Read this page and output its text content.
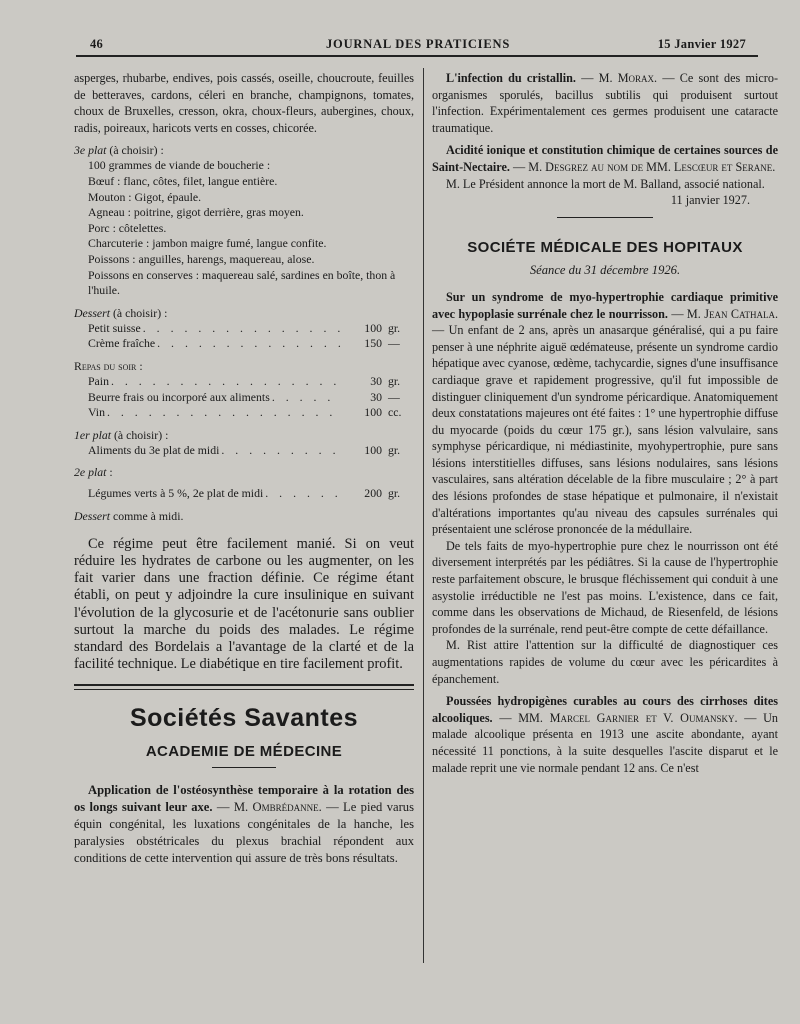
46	JOURNAL DES PRATICIENS	15 Janvier 1927

asperges, rhubarbe, endives, pois cassés, oseille, choucroute, feuilles de betteraves, cardons, céleri en branche, champignons, tomates, choux de Bruxelles, cresson, okra, choux-fleurs, aubergines, choux, radis, poireaux, haricots verts en cosses, chicorée.

3e plat (à choisir) :
100 grammes de viande de boucherie :
Bœuf : flanc, côtes, filet, langue entière.
Mouton : Gigot, épaule.
Agneau : poitrine, gigot derrière, gras moyen.
Porc : côtelettes.
Charcuterie : jambon maigre fumé, langue confite.
Poissons : anguilles, harengs, maquereau, alose.
Poissons en conserves : maquereau salé, sardines en boîte, thon à l'huile.
Dessert (à choisir) :
Petit suisse . . .	100 gr.
Crème fraîche . . .	150 —
Repas du soir :
Pain . . .	30 gr.
Beurre frais ou incorporé aux aliments . . .	30 —
Vin . . .	100 cc.
1er plat (à choisir) :
Aliments du 3e plat de midi . . .	100 gr.
2e plat :
Légumes verts à 5 %, 2e plat de midi . . .	200 gr.
Dessert comme à midi.

Ce régime peut être facilement manié. Si on veut réduire les hydrates de carbone ou les augmenter, on les fait varier dans une fraction définie. Ce régime étant établi, on peut y adjoindre la cure insulinique en suivant l'évolution de la glycosurie et de l'acétonurie sans oublier surtout la marche du poids des malades. Le régime standard des Bordelais a l'avantage de la clarté et de la facilité technique. Le diabétique en tire facilement profit.

Sociétés Savantes
ACADEMIE DE MÉDECINE

Application de l'ostéosynthèse temporaire à la rotation des os longs suivant leur axe. — M. Ombrédanne. — Le pied varus équin congénital, les luxations congénitales de la hanche, les paralysies obstétricales du plexus brachial répondent aux conditions de cette intervention qui assure de très bons résultats.

L'infection du cristallin. — M. Morax. — Ce sont des micro-organismes sporulés, bacillus subtilis qui produisent surtout l'infection. Expérimentalement ces germes produisent une cataracte traumatique.

Acidité ionique et constitution chimique de certaines sources de Saint-Nectaire. — M. Desgrez au nom de MM. Lescœur et Serane.

M. Le Président annonce la mort de M. Balland, associé national.

11 janvier 1927.
SOCIÉTE MÉDICALE DES HOPITAUX
Séance du 31 décembre 1926.

Sur un syndrome de myo-hypertrophie cardiaque primitive avec hypoplasie surrénale chez le nourrisson. — M. Jean Cathala. — Un enfant de 2 ans, après un anasarque généralisé, qui a pu faire penser à une néphrite aiguë œdémateuse, présente un syndrome cardio hépatique avec cyanose, œdème, tachycardie, signes d'une insuffisance cardiaque grave et rapidement progressive, qu'il fut impossible de distinguer cliniquement d'un syndrome péricardique. Anatomiquement deux constatations majeures ont été faites : 1° une hypertrophie diffuse du myocarde (poids du cœur 175 gr.), sans lésion valvulaire, sans symphyse péricardique, ni médiastinite, myohypertrophie, pure sans lésions interstitielles diffuses, sans lésions nodulaires, sans lésions vasculaires, sans altération décelable de la fibre musculaire ; 2° à part des lésions profondes de stase hépatique et pulmonaire, il n'existait d'altérations importantes qu'au niveau des capsules surrénales qui présentaient une sclérose prononcée de la médullaire.

De tels faits de myo-hypertrophie pure chez le nourrisson ont été diversement interprétés par les pédiâtres. Si la cause de l'hypertrophie reste parfaitement obscure, le brusque fléchissement qui conduit à une asystolie irréductible ne l'est pas moins. L'existence, dans ce fait, comme dans les observations de Michaud, de Riesenfeld, de lésions profondes de la surrénale, rend peut-être compte de cette défaillance.

M. Rist attire l'attention sur la difficulté de diagnostiquer ces augmentations rapides de volume du cœur avec les péricardites à épanchement.

Poussées hydropigènes curables au cours des cirrhoses dites alcooliques. — MM. Marcel Garnier et V. Oumansky. — Un malade alcoolique présenta en 1913 une ascite abondante, ayant nécessité 11 ponctions, à la suite desquelles l'ascite disparut et le malade reprit une vie normale pendant 12 ans. Ce n'est
